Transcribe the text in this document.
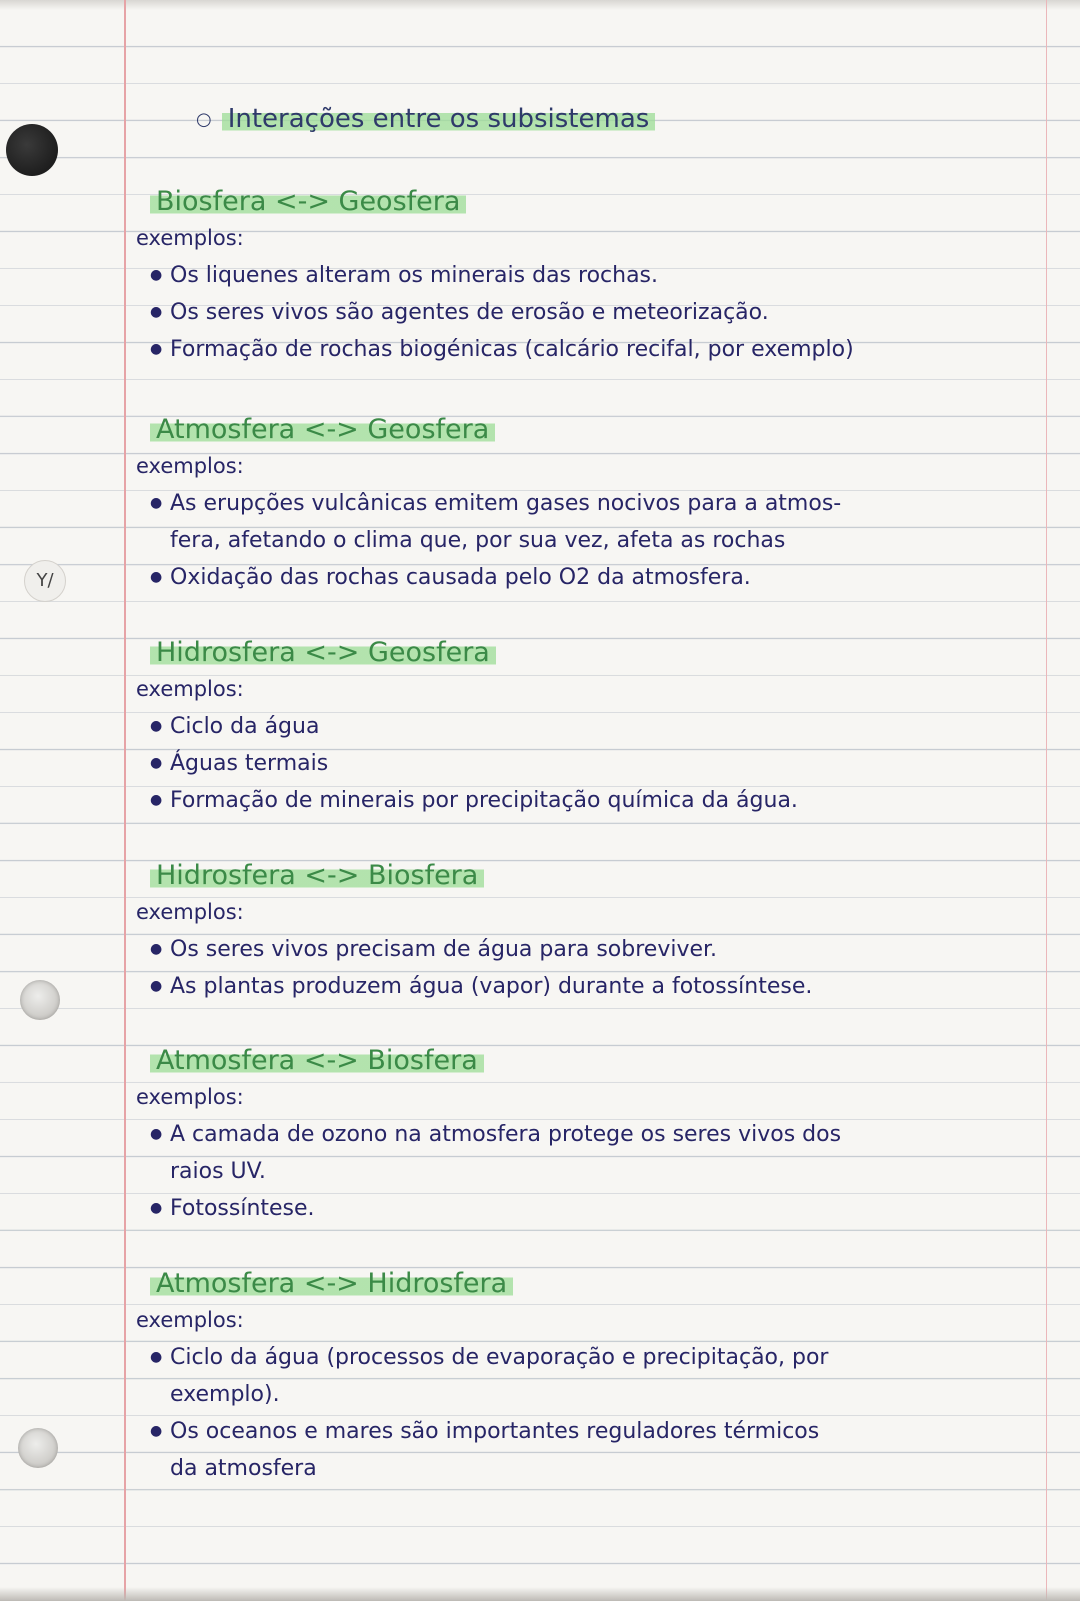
Y/
○ Interações entre os subsistemas
Biosfera <-> Geosfera
exemplos:
● Os liquenes alteram os minerais das rochas.
● Os seres vivos são agentes de erosão e meteorização.
● Formação de rochas biogénicas (calcário recifal, por exemplo)
Atmosfera <-> Geosfera
exemplos:
● As erupções vulcânicas emitem gases nocivos para a atmos-
fera, afetando o clima que, por sua vez, afeta as rochas
● Oxidação das rochas causada pelo O2 da atmosfera.
Hidrosfera <-> Geosfera
exemplos:
● Ciclo da água
● Águas termais
● Formação de minerais por precipitação química da água.
Hidrosfera <-> Biosfera
exemplos:
● Os seres vivos precisam de água para sobreviver.
● As plantas produzem água (vapor) durante a fotossíntese.
Atmosfera <-> Biosfera
exemplos:
● A camada de ozono na atmosfera protege os seres vivos dos
raios UV.
● Fotossíntese.
Atmosfera <-> Hidrosfera
exemplos:
● Ciclo da água (processos de evaporação e precipitação, por
exemplo).
● Os oceanos e mares são importantes reguladores térmicos
da atmosfera
